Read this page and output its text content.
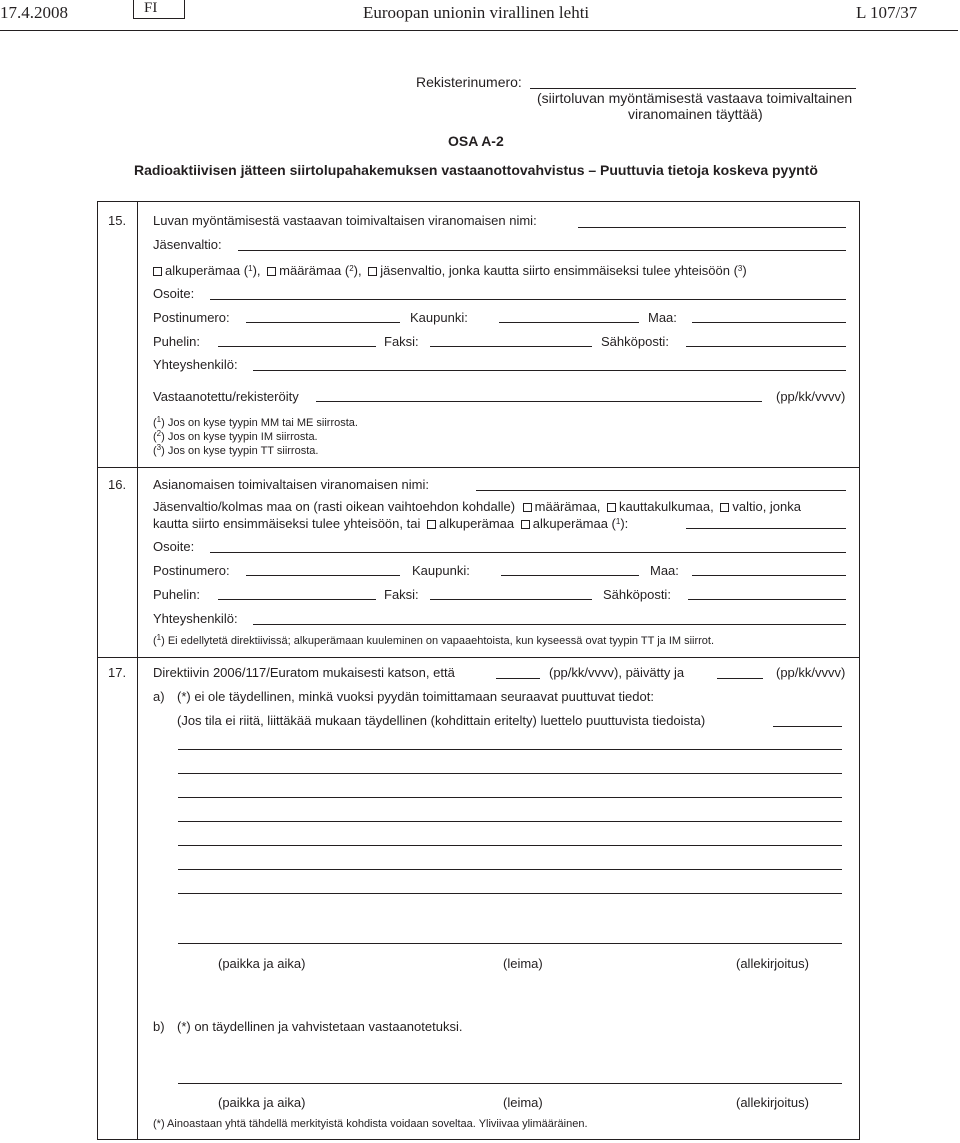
17.4.2008	FI	Euroopan unionin virallinen lehti	L 107/37
Rekisterinumero:
(siirtoluvan myöntämisestä vastaava toimivaltainen
viranomainen täyttää)
OSA A-2
Radioaktiivisen jätteen siirtolupahakemuksen vastaanottovahvistus – Puuttuvia tietoja koskeva pyyntö
15. Luvan myöntämisestä vastaavan toimivaltaisen viranomaisen nimi:
Jäsenvaltio:
alkuperämaa ($^1$), määrämaa ($^2$), jäsenvaltio, jonka kautta siirto ensimmäiseksi tulee yhteisöön ($^3$)
Osoite:
Postinumero:	Kaupunki:	Maa:
Puhelin:	Faksi:	Sähköposti:
Yhteyshenkilö:
Vastaanotettu/rekisteröity	(pp/kk/vvvv)
($^1$) Jos on kyse tyypin MM tai ME siirrosta.
($^2$) Jos on kyse tyypin IM siirrosta.
($^3$) Jos on kyse tyypin TT siirrosta.
16. Asianomaisen toimivaltaisen viranomaisen nimi:
Jäsenvaltio/kolmas maa on (rasti oikean vaihtoehdon kohdalle) määrämaa, kauttakulkumaa, valtio, jonka
kautta siirto ensimmäiseksi tulee yhteisöön, tai alkuperämaa alkuperämaa ($^1$):
Osoite:
Postinumero:	Kaupunki:	Maa:
Puhelin:	Faksi:	Sähköposti:
Yhteyshenkilö:
($^1$) Ei edellytetä direktiivissä; alkuperämaan kuuleminen on vapaaehtoista, kun kyseessä ovat tyypin TT ja IM siirrot.
17. Direktiivin 2006/117/Euratom mukaisesti katson, että	(pp/kk/vvvv), päivätty ja	(pp/kk/vvvv)
a) (*) ei ole täydellinen, minkä vuoksi pyydän toimittamaan seuraavat puuttuvat tiedot:
(Jos tila ei riitä, liittäkää mukaan täydellinen (kohdittain eritelty) luettelo puuttuvista tiedoista)
(paikka ja aika)	(leima)	(allekirjoitus)
b) (*) on täydellinen ja vahvistetaan vastaanotetuksi.
(paikka ja aika)	(leima)	(allekirjoitus)
(*) Ainoastaan yhtä tähdellä merkityistä kohdista voidaan soveltaa. Yliviivaa ylimääräinen.
